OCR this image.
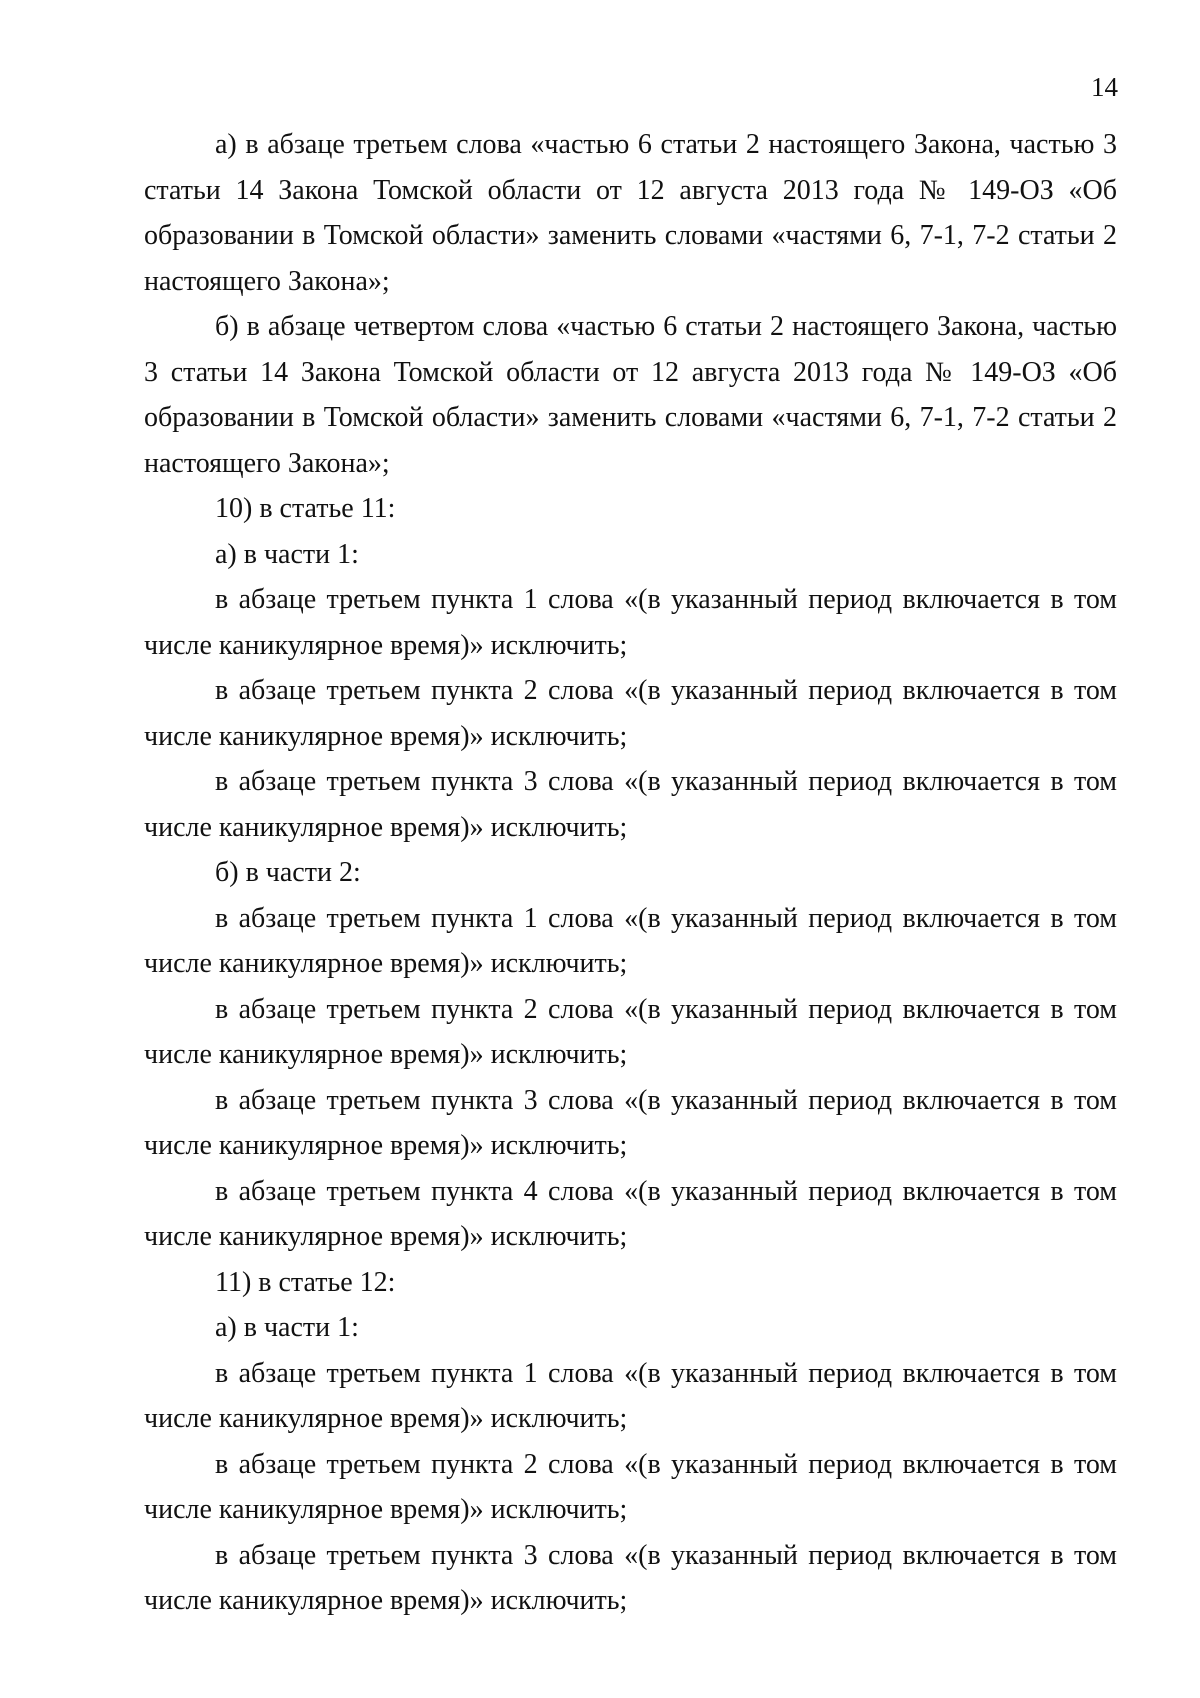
14

а) в абзаце третьем слова «частью 6 статьи 2 настоящего Закона, частью 3 статьи 14 Закона Томской области от 12 августа 2013 года № 149-ОЗ «Об образовании в Томской области» заменить словами «частями 6, 7-1, 7-2 статьи 2 настоящего Закона»;

б) в абзаце четвертом слова «частью 6 статьи 2 настоящего Закона, частью 3 статьи 14 Закона Томской области от 12 августа 2013 года № 149-ОЗ «Об образовании в Томской области» заменить словами «частями 6, 7-1, 7-2 статьи 2 настоящего Закона»;

10) в статье 11:

а) в части 1:

в абзаце третьем пункта 1 слова «(в указанный период включается в том числе каникулярное время)» исключить;

в абзаце третьем пункта 2 слова «(в указанный период включается в том числе каникулярное время)» исключить;

в абзаце третьем пункта 3 слова «(в указанный период включается в том числе каникулярное время)» исключить;

б) в части 2:

в абзаце третьем пункта 1 слова «(в указанный период включается в том числе каникулярное время)» исключить;

в абзаце третьем пункта 2 слова «(в указанный период включается в том числе каникулярное время)» исключить;

в абзаце третьем пункта 3 слова «(в указанный период включается в том числе каникулярное время)» исключить;

в абзаце третьем пункта 4 слова «(в указанный период включается в том числе каникулярное время)» исключить;

11) в статье 12:

а) в части 1:

в абзаце третьем пункта 1 слова «(в указанный период включается в том числе каникулярное время)» исключить;

в абзаце третьем пункта 2 слова «(в указанный период включается в том числе каникулярное время)» исключить;

в абзаце третьем пункта 3 слова «(в указанный период включается в том числе каникулярное время)» исключить;
